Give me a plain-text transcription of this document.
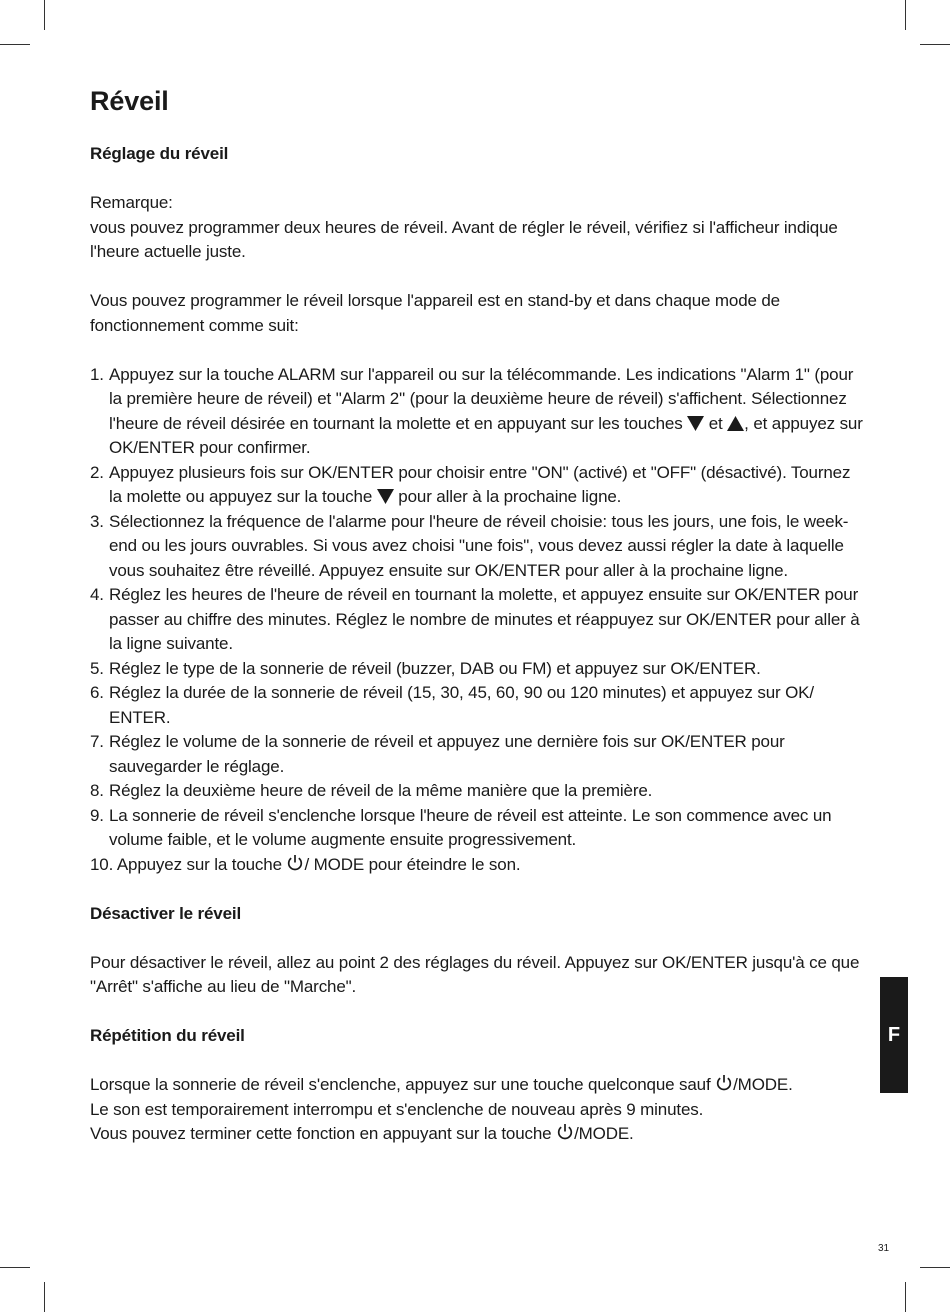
Réveil
Réglage du réveil

Remarque:
vous pouvez programmer deux heures de réveil. Avant de régler le réveil, vérifiez si l'afficheur indique l'heure actuelle juste.

Vous pouvez programmer le réveil lorsque l'appareil est en stand-by et dans chaque mode de fonctionnement comme suit:

1. Appuyez sur la touche ALARM sur l'appareil ou sur la télécommande. Les indications "Alarm 1" (pour la première heure de réveil) et "Alarm 2" (pour la deuxième heure de réveil) s'affichent. Sélectionnez l'heure de réveil désirée en tournant la molette et en appuyant sur les touches et , et appuyez sur OK/ENTER pour confirmer.
2. Appuyez plusieurs fois sur OK/ENTER pour choisir entre "ON" (activé) et "OFF" (désactivé). Tournez la molette ou appuyez sur la touche pour aller à la prochaine ligne.
3. Sélectionnez la fréquence de l'alarme pour l'heure de réveil choisie: tous les jours, une fois, le week-end ou les jours ouvrables. Si vous avez choisi "une fois", vous devez aussi régler la date à laquelle vous souhaitez être réveillé. Appuyez ensuite sur OK/ENTER pour aller à la prochaine ligne.
4. Réglez les heures de l'heure de réveil en tournant la molette, et appuyez ensuite sur OK/ENTER pour passer au chiffre des minutes. Réglez le nombre de minutes et réappuyez sur OK/ENTER pour aller à la ligne suivante.
5. Réglez le type de la sonnerie de réveil (buzzer, DAB ou FM) et appuyez sur OK/ENTER.
6. Réglez la durée de la sonnerie de réveil (15, 30, 45, 60, 90 ou 120 minutes) et appuyez sur OK/ ENTER.
7. Réglez le volume de la sonnerie de réveil et appuyez une dernière fois sur OK/ENTER pour sauvegarder le réglage.
8. Réglez la deuxième heure de réveil de la même manière que la première.
9. La sonnerie de réveil s'enclenche lorsque l'heure de réveil est atteinte. Le son commence avec un volume faible, et le volume augmente ensuite progressivement.
10. Appuyez sur la touche / MODE pour éteindre le son.
Désactiver le réveil

Pour désactiver le réveil, allez au point 2 des réglages du réveil. Appuyez sur OK/ENTER jusqu'à ce que "Arrêt" s'affiche au lieu de "Marche".

Répétition du réveil

Lorsque la sonnerie de réveil s'enclenche, appuyez sur une touche quelconque sauf /MODE.
Le son est temporairement interrompu et s'enclenche de nouveau après 9 minutes.
Vous pouvez terminer cette fonction en appuyant sur la touche /MODE.

F
31
